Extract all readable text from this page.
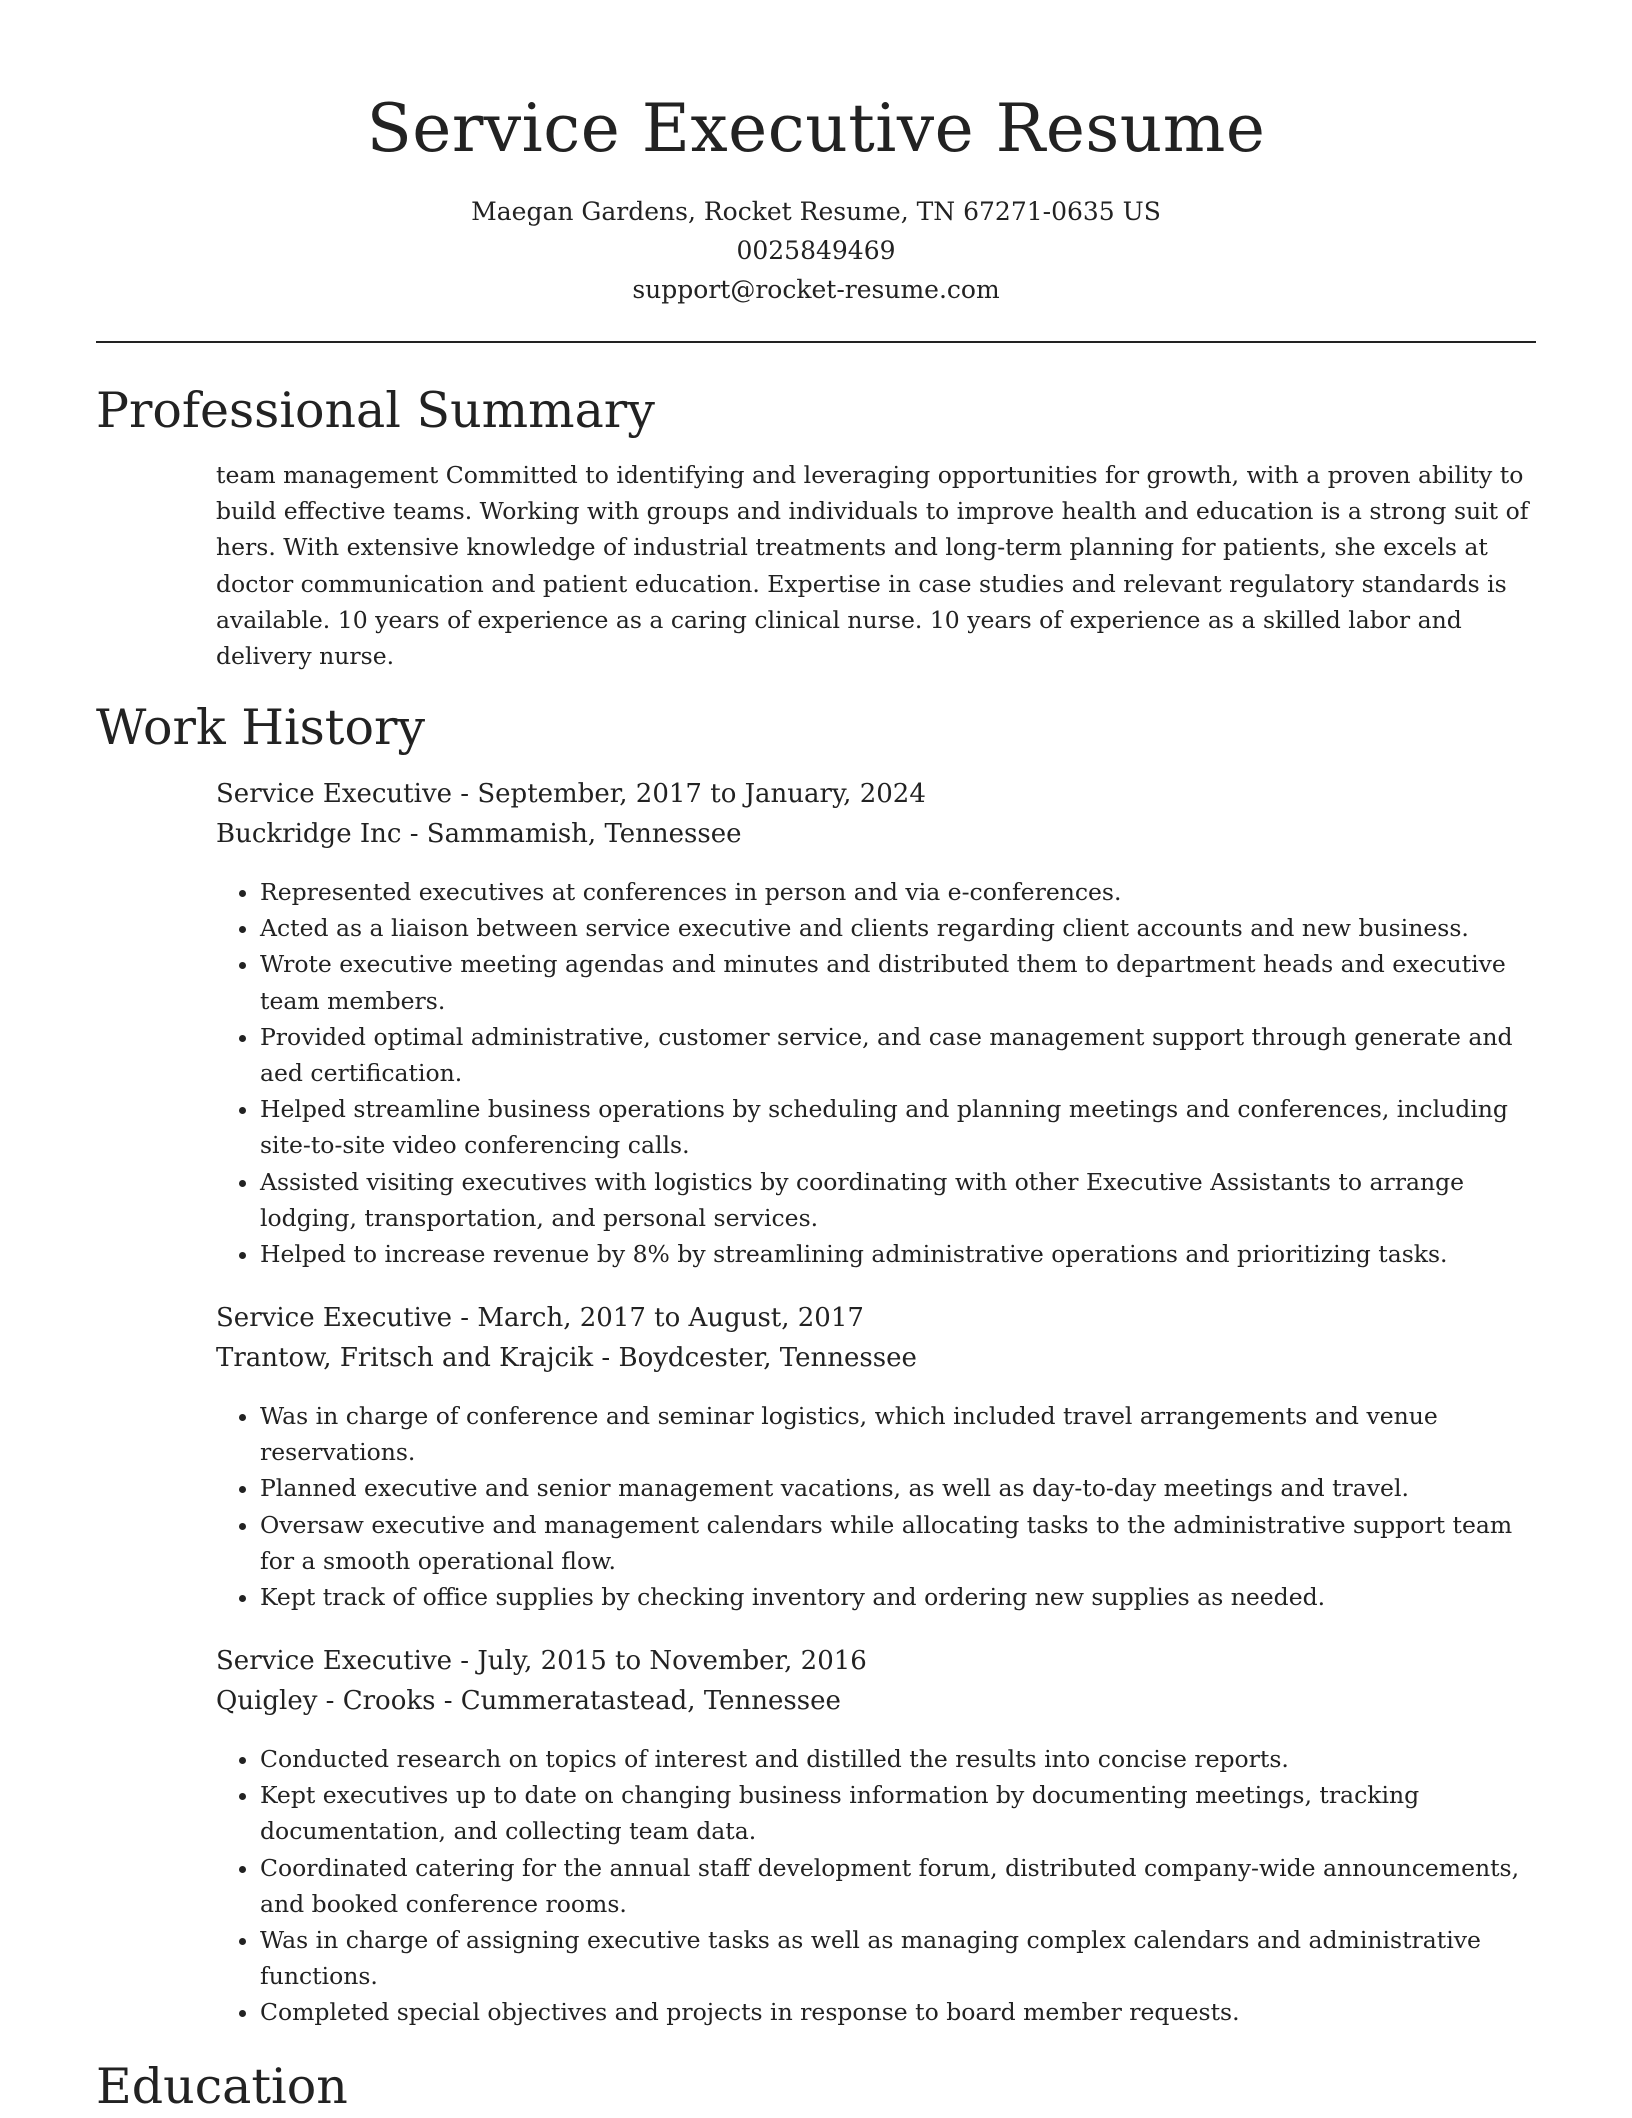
Service Executive Resume
Maegan Gardens, Rocket Resume, TN 67271-0635 US
0025849469
support@rocket-resume.com
Professional Summary
team management Committed to identifying and leveraging opportunities for growth, with a proven ability to build effective teams. Working with groups and individuals to improve health and education is a strong suit of hers. With extensive knowledge of industrial treatments and long-term planning for patients, she excels at doctor communication and patient education. Expertise in case studies and relevant regulatory standards is available. 10 years of experience as a caring clinical nurse. 10 years of experience as a skilled labor and delivery nurse.
Work History
Service Executive - September, 2017 to January, 2024
Buckridge Inc - Sammamish, Tennessee
• Represented executives at conferences in person and via e-conferences.
• Acted as a liaison between service executive and clients regarding client accounts and new business.
• Wrote executive meeting agendas and minutes and distributed them to department heads and executive team members.
• Provided optimal administrative, customer service, and case management support through generate and aed certification.
• Helped streamline business operations by scheduling and planning meetings and conferences, including site-to-site video conferencing calls.
• Assisted visiting executives with logistics by coordinating with other Executive Assistants to arrange lodging, transportation, and personal services.
• Helped to increase revenue by 8% by streamlining administrative operations and prioritizing tasks.
Service Executive - March, 2017 to August, 2017
Trantow, Fritsch and Krajcik - Boydcester, Tennessee
• Was in charge of conference and seminar logistics, which included travel arrangements and venue reservations.
• Planned executive and senior management vacations, as well as day-to-day meetings and travel.
• Oversaw executive and management calendars while allocating tasks to the administrative support team for a smooth operational flow.
• Kept track of office supplies by checking inventory and ordering new supplies as needed.
Service Executive - July, 2015 to November, 2016
Quigley - Crooks - Cummeratastead, Tennessee
• Conducted research on topics of interest and distilled the results into concise reports.
• Kept executives up to date on changing business information by documenting meetings, tracking documentation, and collecting team data.
• Coordinated catering for the annual staff development forum, distributed company-wide announcements, and booked conference rooms.
• Was in charge of assigning executive tasks as well as managing complex calendars and administrative functions.
• Completed special objectives and projects in response to board member requests.
Education
